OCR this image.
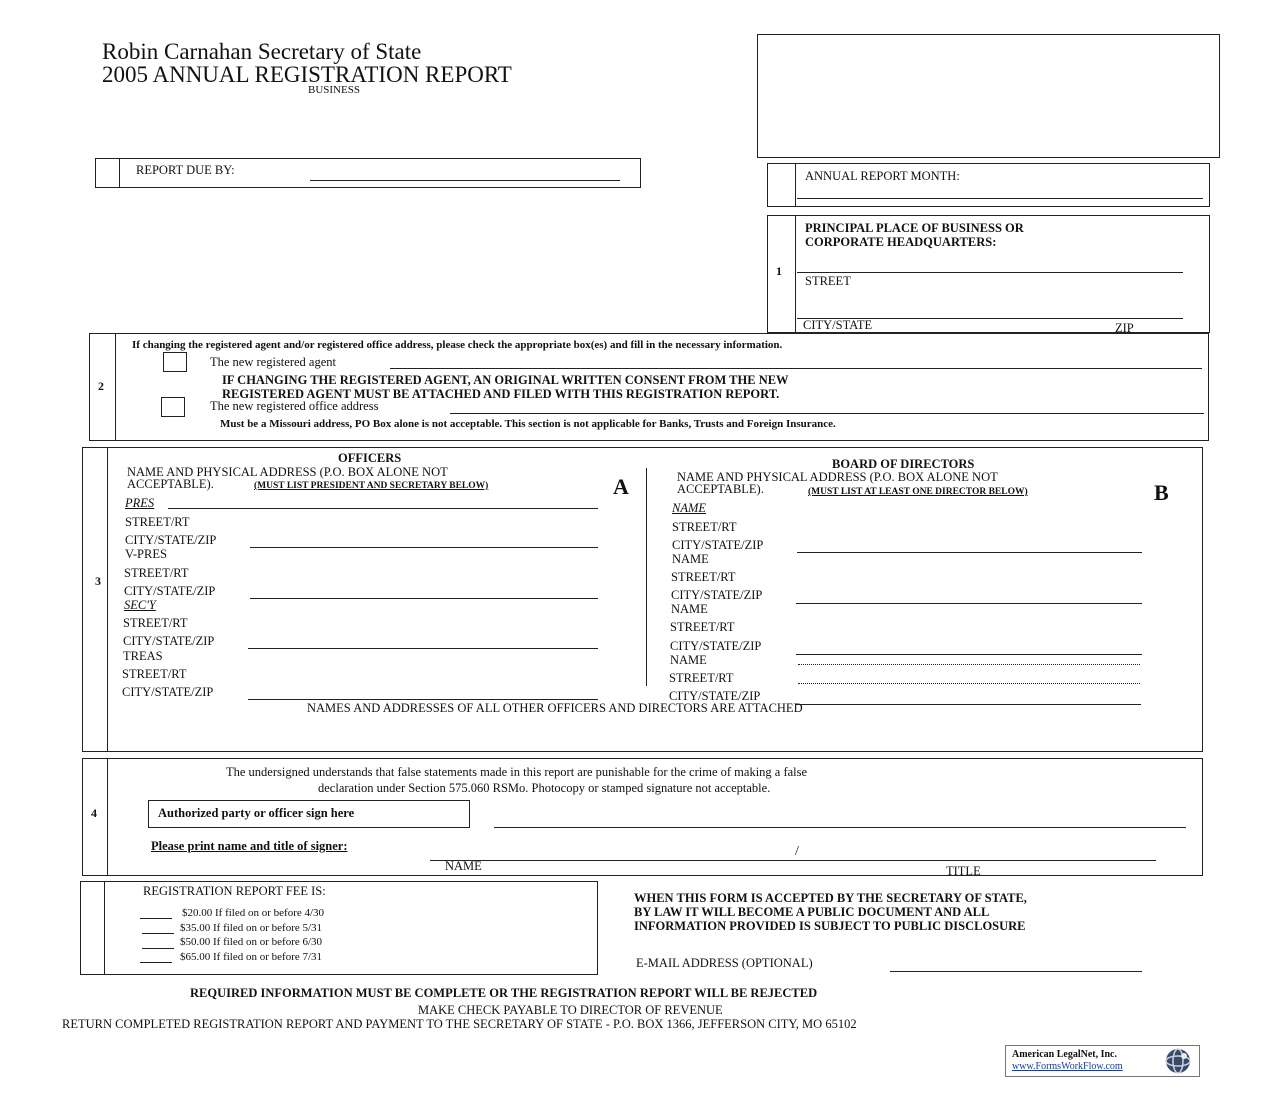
Robin Carnahan Secretary of State
2005 ANNUAL REGISTRATION REPORT
BUSINESS
REPORT DUE BY:	ANNUAL REPORT MONTH:
1
PRINCIPAL PLACE OF BUSINESS OR
CORPORATE HEADQUARTERS:
STREET
CITY/STATE	ZIP
2
If changing the registered agent and/or registered office address, please check the appropriate box(es) and fill in the necessary information.
The new registered agent
IF CHANGING THE REGISTERED AGENT, AN ORIGINAL WRITTEN CONSENT FROM THE NEW
REGISTERED AGENT MUST BE ATTACHED AND FILED WITH THIS REGISTRATION REPORT.
The new registered office address
Must be a Missouri address, PO Box alone is not acceptable. This section is not applicable for Banks, Trusts and Foreign Insurance.
3
OFFICERS
NAME AND PHYSICAL ADDRESS (P.O. BOX ALONE NOT
ACCEPTABLE).	(MUST LIST PRESIDENT AND SECRETARY BELOW)	A
PRES
STREET/RT
CITY/STATE/ZIP
V-PRES
STREET/RT
CITY/STATE/ZIP
SEC'Y
STREET/RT
CITY/STATE/ZIP
TREAS
STREET/RT
CITY/STATE/ZIP
BOARD OF DIRECTORS
NAME AND PHYSICAL ADDRESS (P.O. BOX ALONE NOT
ACCEPTABLE).	(MUST LIST AT LEAST ONE DIRECTOR BELOW)	B
NAME
STREET/RT
CITY/STATE/ZIP
NAME
STREET/RT
CITY/STATE/ZIP
NAME
STREET/RT
CITY/STATE/ZIP
NAME
STREET/RT
CITY/STATE/ZIP
NAMES AND ADDRESSES OF ALL OTHER OFFICERS AND DIRECTORS ARE ATTACHED
4
The undersigned understands that false statements made in this report are punishable for the crime of making a false
declaration under Section 575.060 RSMo. Photocopy or stamped signature not acceptable.
Authorized party or officer sign here
Please print name and title of signer:	/
NAME	TITLE
REGISTRATION REPORT FEE IS:
$20.00 If filed on or before 4/30
$35.00 If filed on or before 5/31
$50.00 If filed on or before 6/30
$65.00 If filed on or before 7/31
WHEN THIS FORM IS ACCEPTED BY THE SECRETARY OF STATE,
BY LAW IT WILL BECOME A PUBLIC DOCUMENT AND ALL
INFORMATION PROVIDED IS SUBJECT TO PUBLIC DISCLOSURE
E-MAIL ADDRESS (OPTIONAL)
REQUIRED INFORMATION MUST BE COMPLETE OR THE REGISTRATION REPORT WILL BE REJECTED
MAKE CHECK PAYABLE TO DIRECTOR OF REVENUE
RETURN COMPLETED REGISTRATION REPORT AND PAYMENT TO THE SECRETARY OF STATE - P.O. BOX 1366, JEFFERSON CITY, MO 65102
American LegalNet, Inc.
www.FormsWorkFlow.com
